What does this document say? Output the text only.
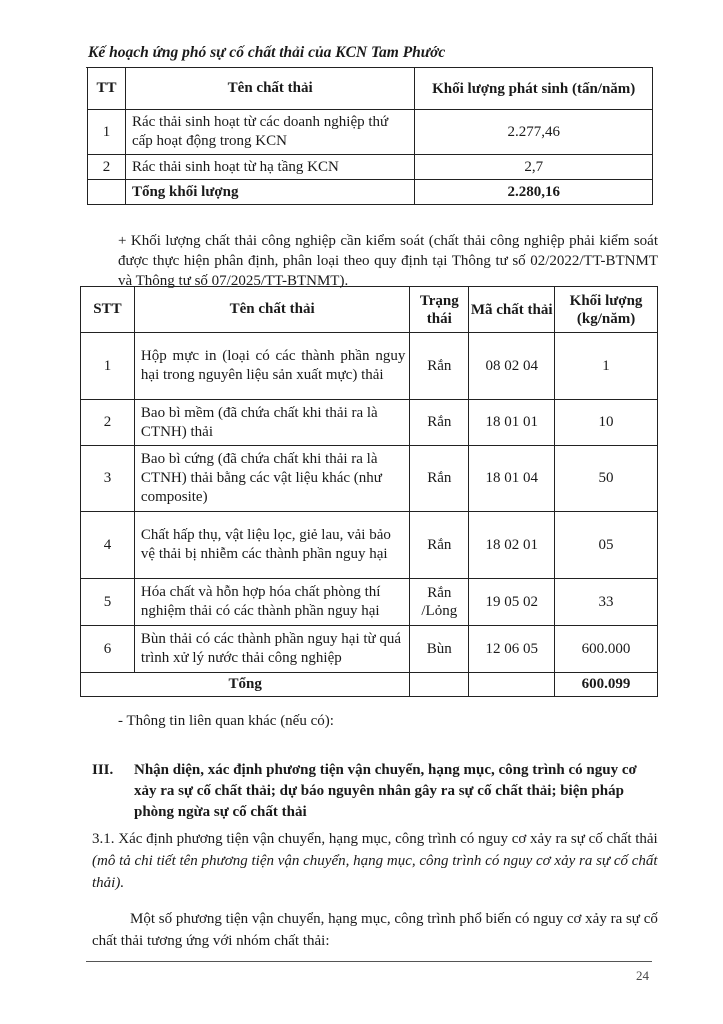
Kế hoạch ứng phó sự cố chất thải của KCN Tam Phước
TT	Tên chất thải	Khối lượng phát sinh (tấn/năm)
1	Rác thải sinh hoạt từ các doanh nghiệp thứ cấp hoạt động trong KCN	2.277,46
2	Rác thải sinh hoạt từ hạ tầng KCN	2,7
	Tổng khối lượng	2.280,16
+ Khối lượng chất thải công nghiệp cần kiểm soát (chất thải công nghiệp phải kiểm soát được thực hiện phân định, phân loại theo quy định tại Thông tư số 02/2022/TT-BTNMT và Thông tư số 07/2025/TT-BTNMT).
STT	Tên chất thải	Trạng thái	Mã chất thải	Khối lượng (kg/năm)
1	Hộp mực in (loại có các thành phần nguy hại trong nguyên liệu sản xuất mực) thải	Rắn	08 02 04	1
2	Bao bì mềm (đã chứa chất khi thải ra là CTNH) thải	Rắn	18 01 01	10
3	Bao bì cứng (đã chứa chất khi thải ra là CTNH) thải bằng các vật liệu khác (như composite)	Rắn	18 01 04	50
4	Chất hấp thụ, vật liệu lọc, giẻ lau, vải bảo vệ thải bị nhiễm các thành phần nguy hại	Rắn	18 02 01	05
5	Hóa chất và hỗn hợp hóa chất phòng thí nghiệm thải có các thành phần nguy hại	Rắn /Lỏng	19 05 02	33
6	Bùn thải có các thành phần nguy hại từ quá trình xử lý nước thải công nghiệp	Bùn	12 06 05	600.000
Tổng				600.099
- Thông tin liên quan khác (nếu có):
III. Nhận diện, xác định phương tiện vận chuyển, hạng mục, công trình có nguy cơ xảy ra sự cố chất thải; dự báo nguyên nhân gây ra sự cố chất thải; biện pháp phòng ngừa sự cố chất thải
3.1. Xác định phương tiện vận chuyển, hạng mục, công trình có nguy cơ xảy ra sự cố chất thải (mô tả chi tiết tên phương tiện vận chuyển, hạng mục, công trình có nguy cơ xảy ra sự cố chất thải).
Một số phương tiện vận chuyển, hạng mục, công trình phổ biến có nguy cơ xảy ra sự cố chất thải tương ứng với nhóm chất thải:
24
